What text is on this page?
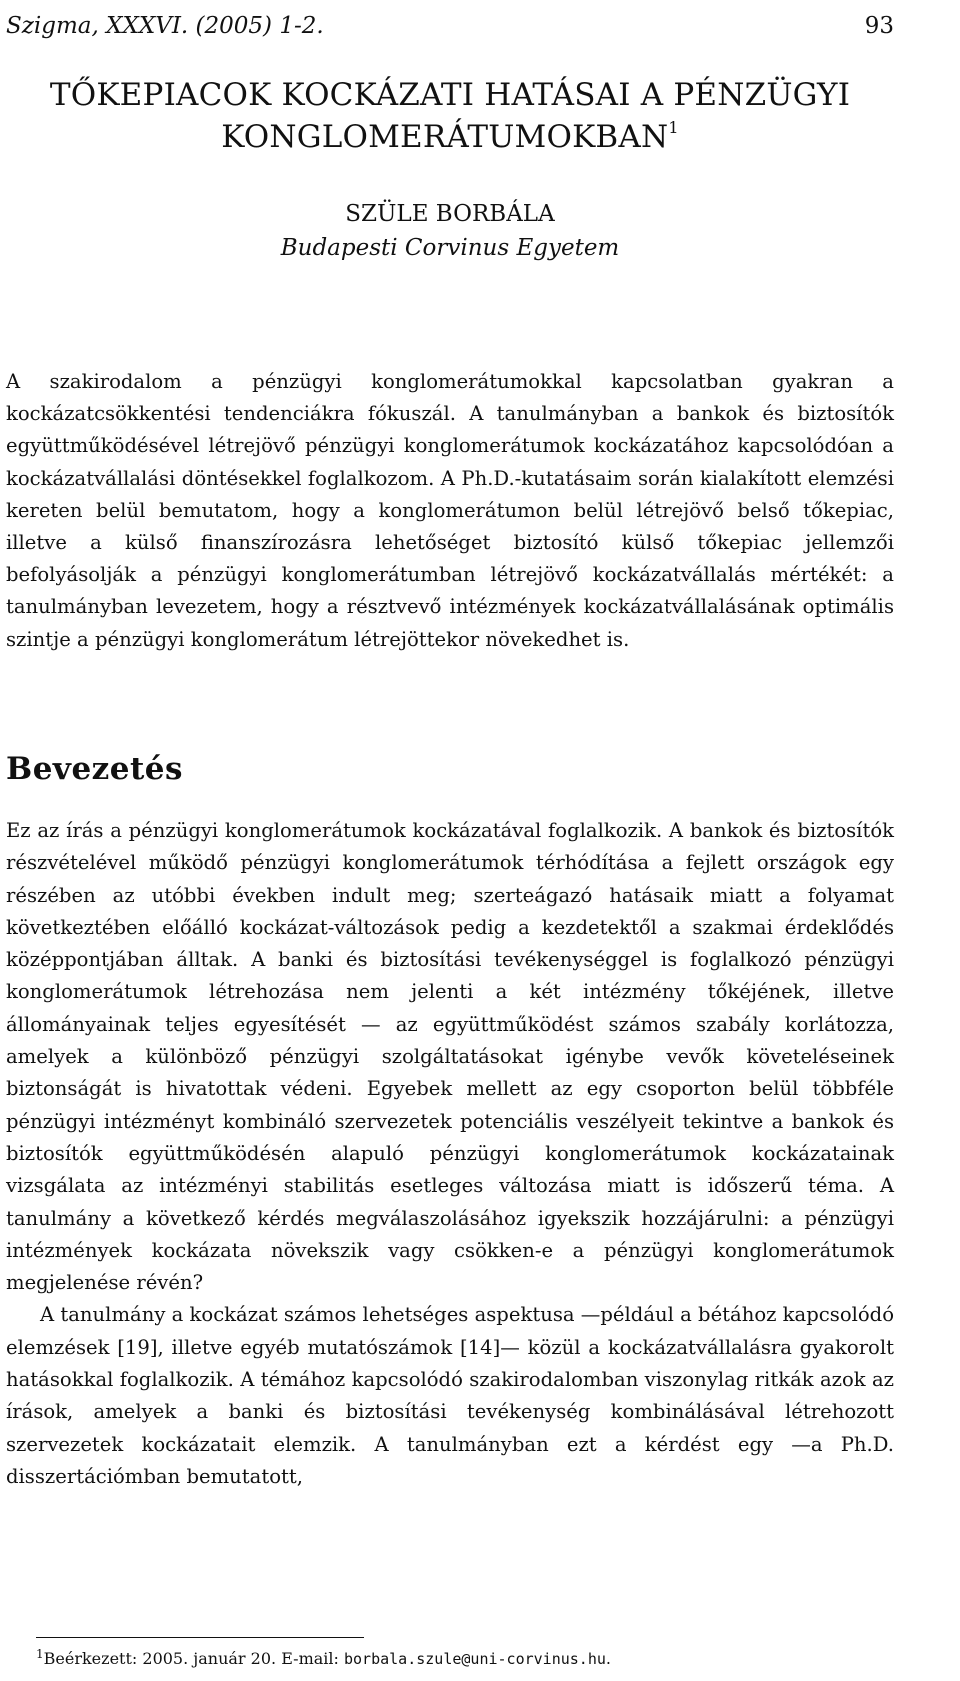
Szigma, XXXVI. (2005) 1-2.	93
TŐKEPIACOK KOCKÁZATI HATÁSAI A PÉNZÜGYI
KONGLOMERÁTUMOKBAN$^1$
SZÜLE BORBÁLA
Budapesti Corvinus Egyetem

A szakirodalom a pénzügyi konglomerátumokkal kapcsolatban gyakran a kockázatcsökkentési tendenciákra fókuszál. A tanulmányban a bankok és biztosítók együttműködésével létrejövő pénzügyi konglomerátumok kockázatához kapcsolódóan a kockázatvállalási döntésekkel foglalkozom. A Ph.D.-kutatásaim során kialakított elemzési kereten belül bemutatom, hogy a konglomerátumon belül létrejövő belső tőkepiac, illetve a külső finanszírozásra lehetőséget biztosító külső tőkepiac jellemzői befolyásolják a pénzügyi konglomerátumban létrejövő kockázatvállalás mértékét: a tanulmányban levezetem, hogy a résztvevő intézmények kockázatvállalásának optimális szintje a pénzügyi konglomerátum létrejöttekor növekedhet is.

Bevezetés

Ez az írás a pénzügyi konglomerátumok kockázatával foglalkozik. A bankok és biztosítók részvételével működő pénzügyi konglomerátumok térhódítása a fejlett országok egy részében az utóbbi években indult meg; szerteágazó hatásaik miatt a folyamat következtében előálló kockázat-változások pedig a kezdetektől a szakmai érdeklődés középpontjában álltak. A banki és biztosítási tevékenységgel is foglalkozó pénzügyi konglomerátumok létrehozása nem jelenti a két intézmény tőkéjének, illetve állományainak teljes egyesítését — az együttműködést számos szabály korlátozza, amelyek a különböző pénzügyi szolgáltatásokat igénybe vevők követeléseinek biztonságát is hivatottak védeni. Egyebek mellett az egy csoporton belül többféle pénzügyi intézményt kombináló szervezetek potenciális veszélyeit tekintve a bankok és biztosítók együttműködésén alapuló pénzügyi konglomerátumok kockázatainak vizsgálata az intézményi stabilitás esetleges változása miatt is időszerű téma. A tanulmány a következő kérdés megválaszolásához igyekszik hozzájárulni: a pénzügyi intézmények kockázata növekszik vagy csökken-e a pénzügyi konglomerátumok megjelenése révén?

A tanulmány a kockázat számos lehetséges aspektusa —például a bétához kapcsolódó elemzések [19], illetve egyéb mutatószámok [14]— közül a kockázatvállalásra gyakorolt hatásokkal foglalkozik. A témához kapcsolódó szakirodalomban viszonylag ritkák azok az írások, amelyek a banki és biztosítási tevékenység kombinálásával létrehozott szervezetek kockázatait elemzik. A tanulmányban ezt a kérdést egy —a Ph.D. disszertációmban bemutatott,

$^1$Beérkezett: 2005. január 20. E-mail: borbala.szule@uni-corvinus.hu.
